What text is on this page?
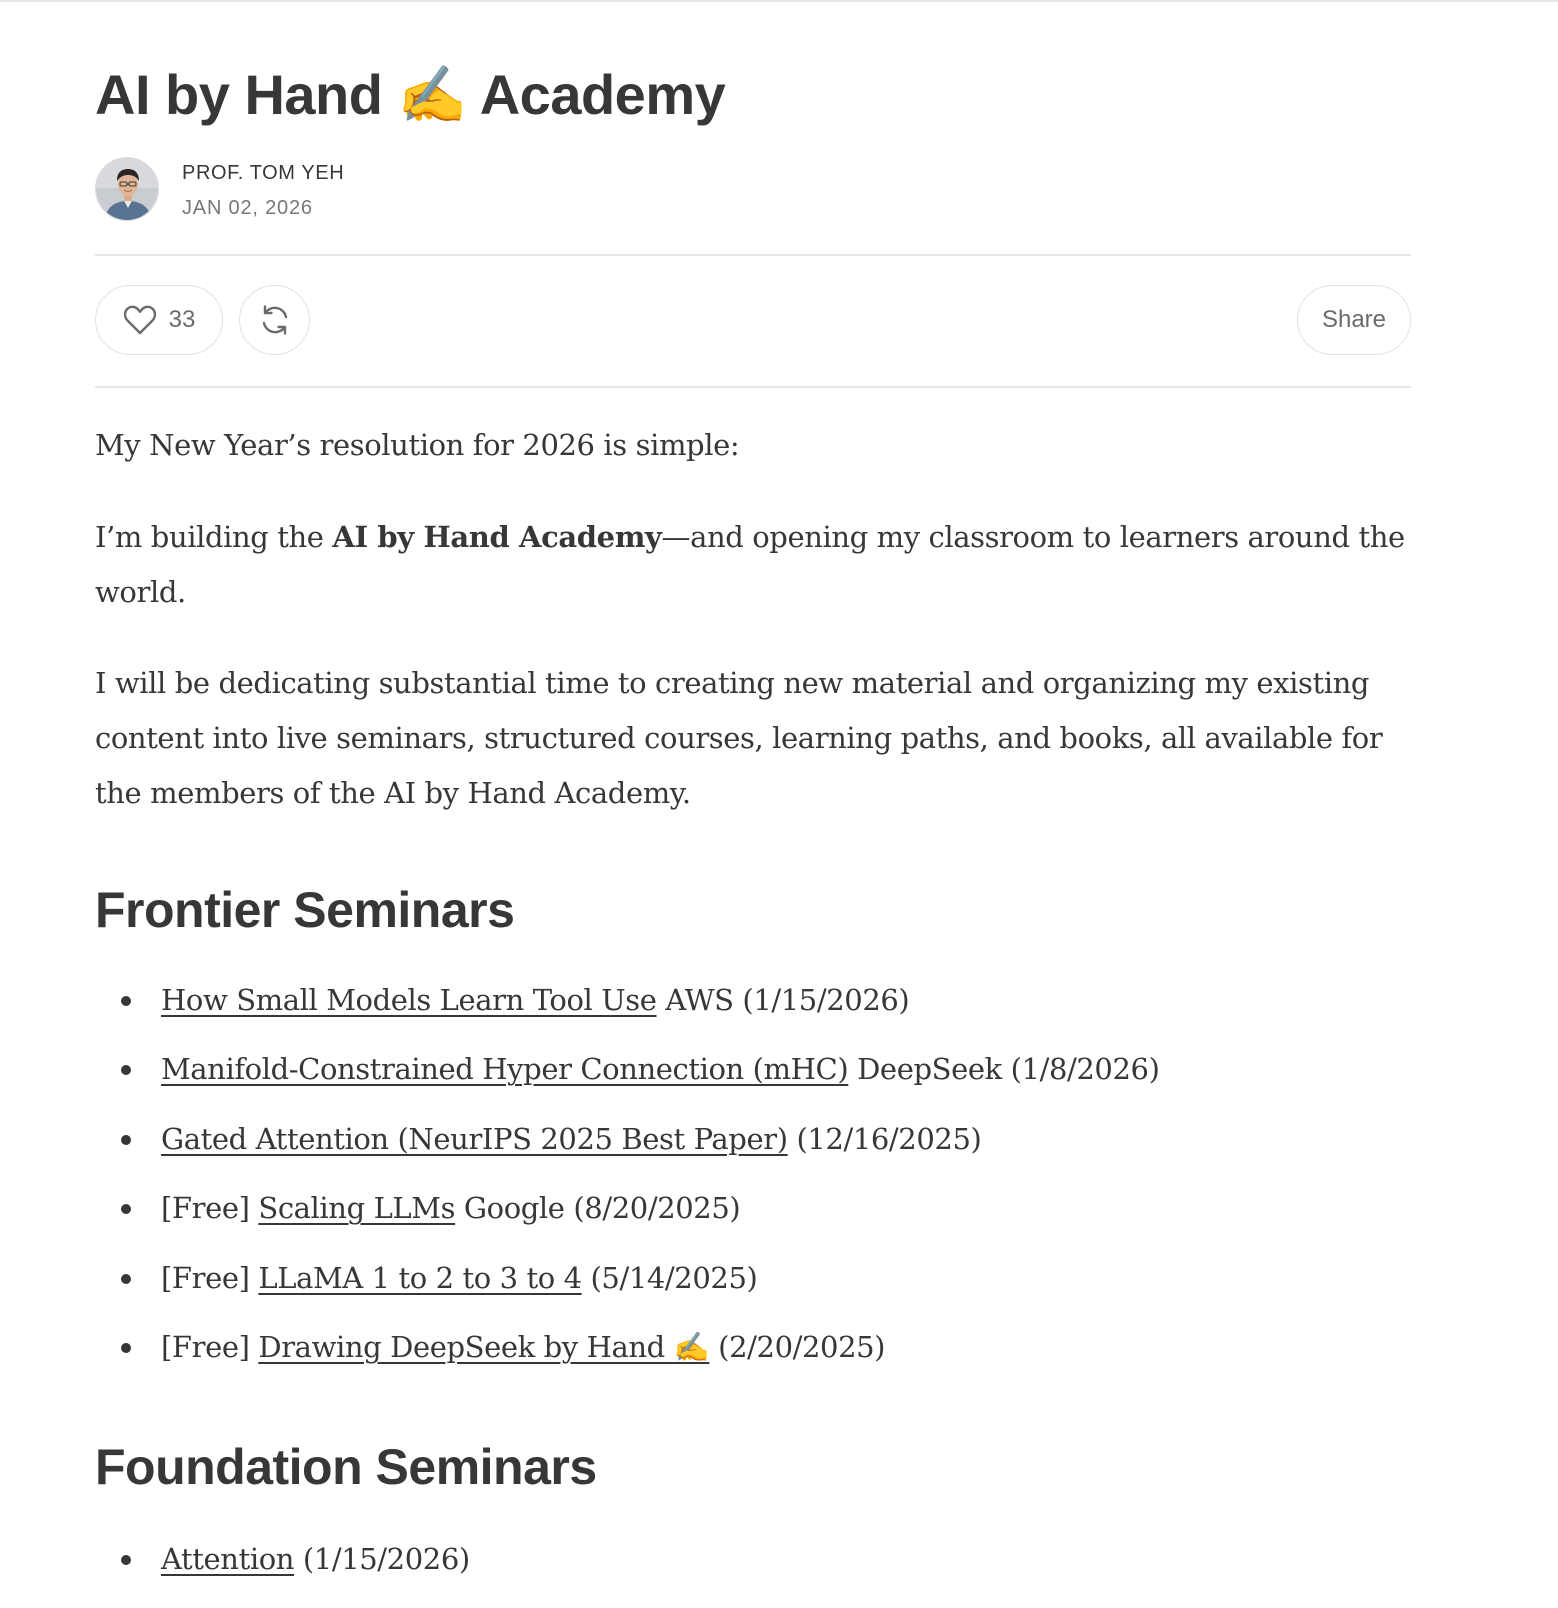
AI by Hand ✍️ Academy
PROF. TOM YEH
JAN 02, 2026
33	Share

My New Year’s resolution for 2026 is simple:

I’m building the AI by Hand Academy—and opening my classroom to learners around the world.

I will be dedicating substantial time to creating new material and organizing my existing content into live seminars, structured courses, learning paths, and books, all available for the members of the AI by Hand Academy.

Frontier Seminars
How Small Models Learn Tool Use AWS (1/15/2026)
Manifold-Constrained Hyper Connection (mHC) DeepSeek (1/8/2026)
Gated Attention (NeurIPS 2025 Best Paper) (12/16/2025)
[Free] Scaling LLMs Google (8/20/2025)
[Free] LLaMA 1 to 2 to 3 to 4 (5/14/2025)
[Free] Drawing DeepSeek by Hand ✍️ (2/20/2025)
Foundation Seminars
Attention (1/15/2026)
